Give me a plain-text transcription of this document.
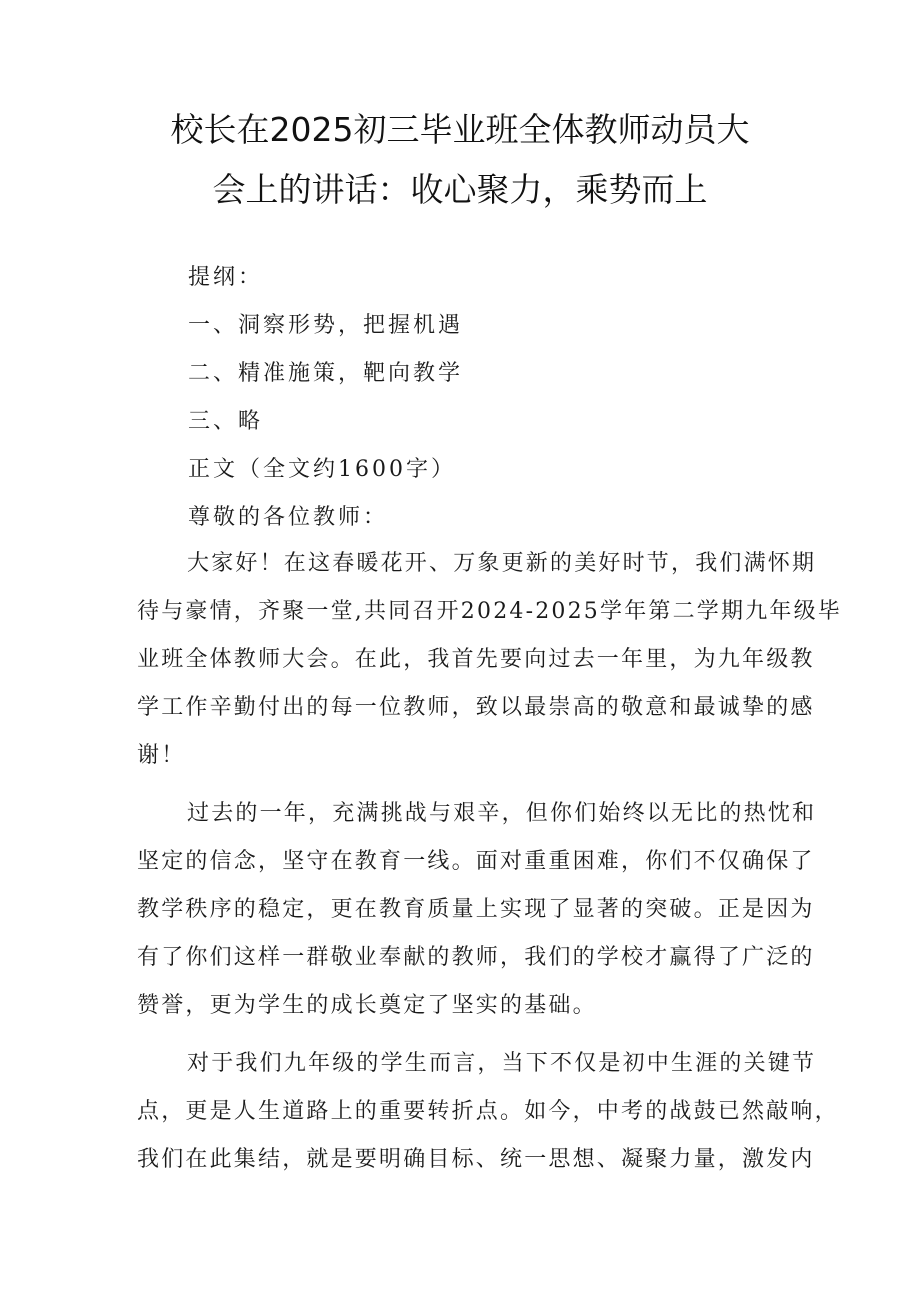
校长在2025初三毕业班全体教师动员大
会上的讲话：收心聚力，乘势而上
提纲：
一、洞察形势，把握机遇
二、精准施策，靶向教学
三、略
正文（全文约1600字）
尊敬的各位教师：
大家好！在这春暖花开、万象更新的美好时节，我们满怀期
待与豪情，齐聚一堂,共同召开2024-2025学年第二学期九年级毕
业班全体教师大会。在此，我首先要向过去一年里，为九年级教
学工作辛勤付出的每一位教师，致以最崇高的敬意和最诚挚的感
谢！
过去的一年，充满挑战与艰辛，但你们始终以无比的热忱和
坚定的信念，坚守在教育一线。面对重重困难，你们不仅确保了
教学秩序的稳定，更在教育质量上实现了显著的突破。正是因为
有了你们这样一群敬业奉献的教师，我们的学校才赢得了广泛的
赞誉，更为学生的成长奠定了坚实的基础。
对于我们九年级的学生而言，当下不仅是初中生涯的关键节
点，更是人生道路上的重要转折点。如今，中考的战鼓已然敲响，
我们在此集结，就是要明确目标、统一思想、凝聚力量，激发内
